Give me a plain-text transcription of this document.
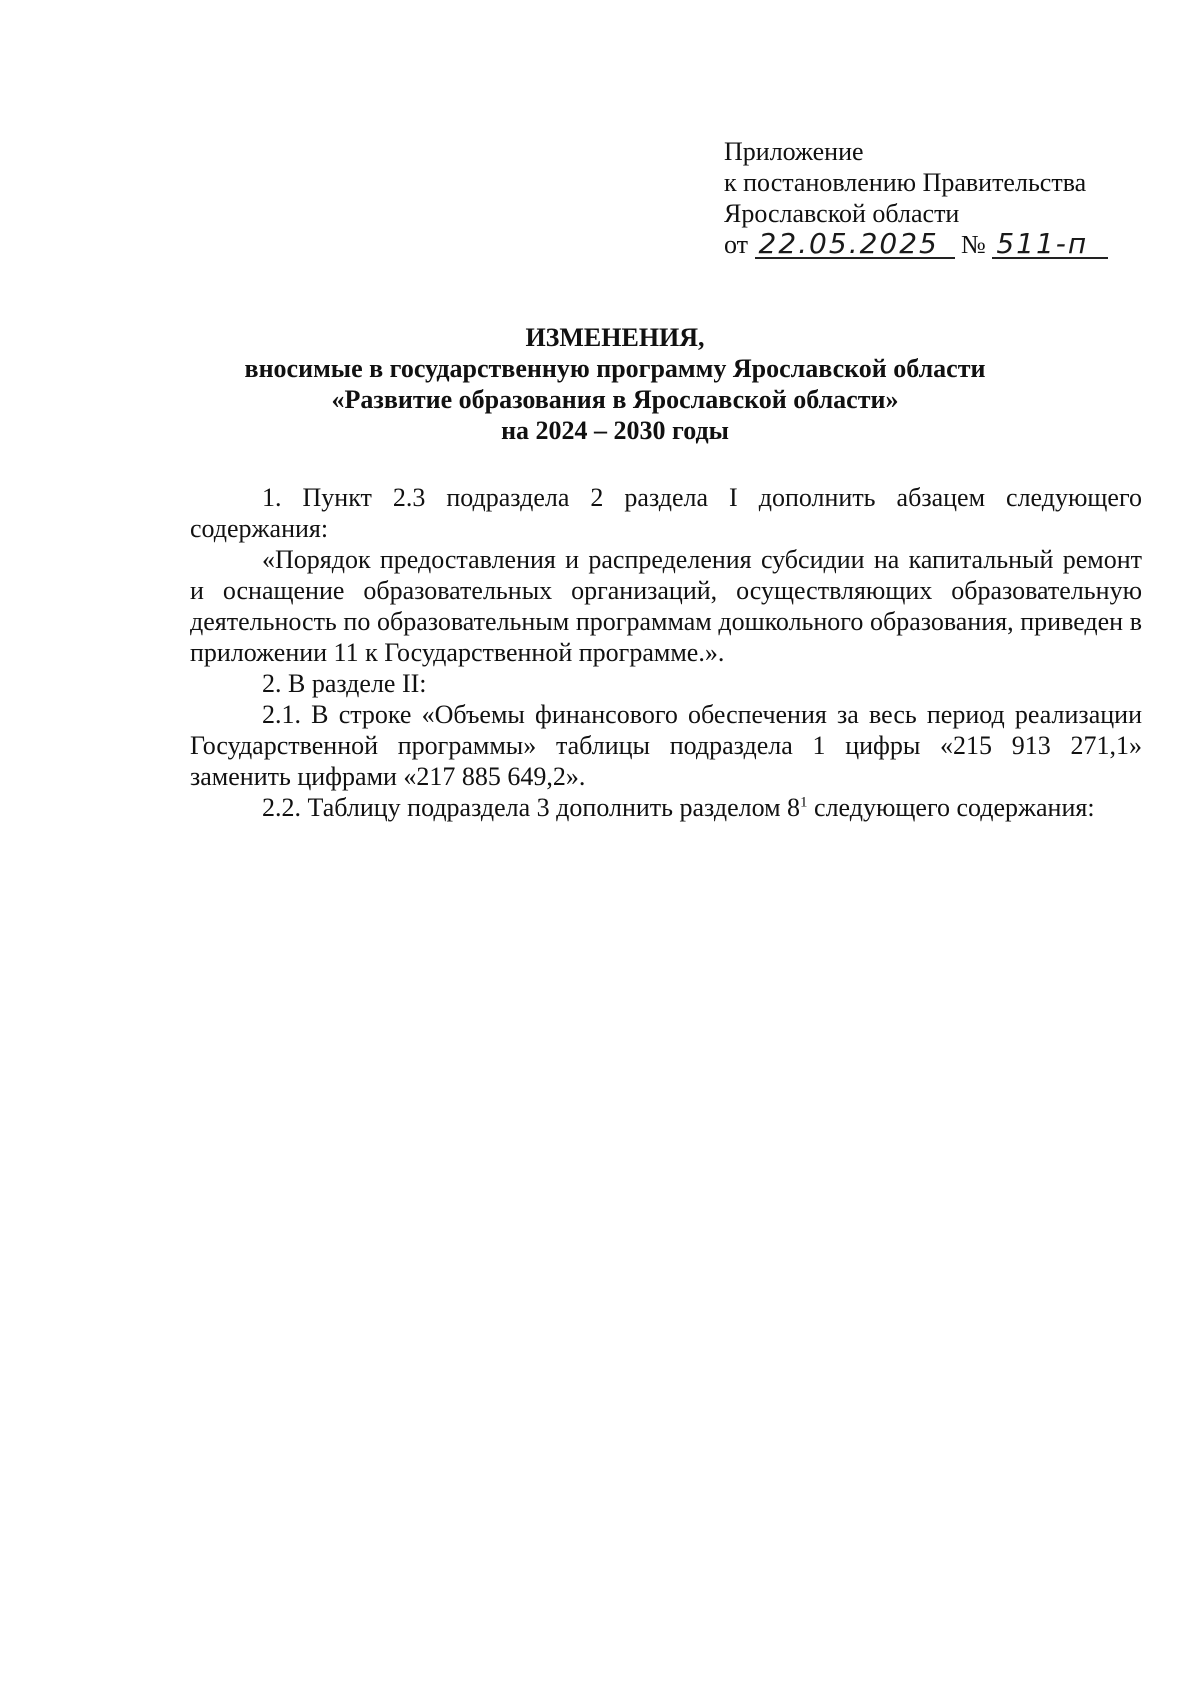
Приложение
к постановлению Правительства
Ярославской области
от 22.05.2025 № 511-п
ИЗМЕНЕНИЯ,
вносимые в государственную программу Ярославской области
«Развитие образования в Ярославской области»
на 2024 – 2030 годы

1. Пункт 2.3 подраздела 2 раздела I дополнить абзацем следующего содержания:

«Порядок предоставления и распределения субсидии на капитальный ремонт и оснащение образовательных организаций, осуществляющих образовательную деятельность по образовательным программам дошкольного образования, приведен в приложении 11 к Государственной программе.».

2. В разделе II:

2.1. В строке «Объемы финансового обеспечения за весь период реализации Государственной программы» таблицы подраздела 1 цифры «215 913 271,1» заменить цифрами «217 885 649,2».

2.2. Таблицу подраздела 3 дополнить разделом $8^1$ следующего содержания:
